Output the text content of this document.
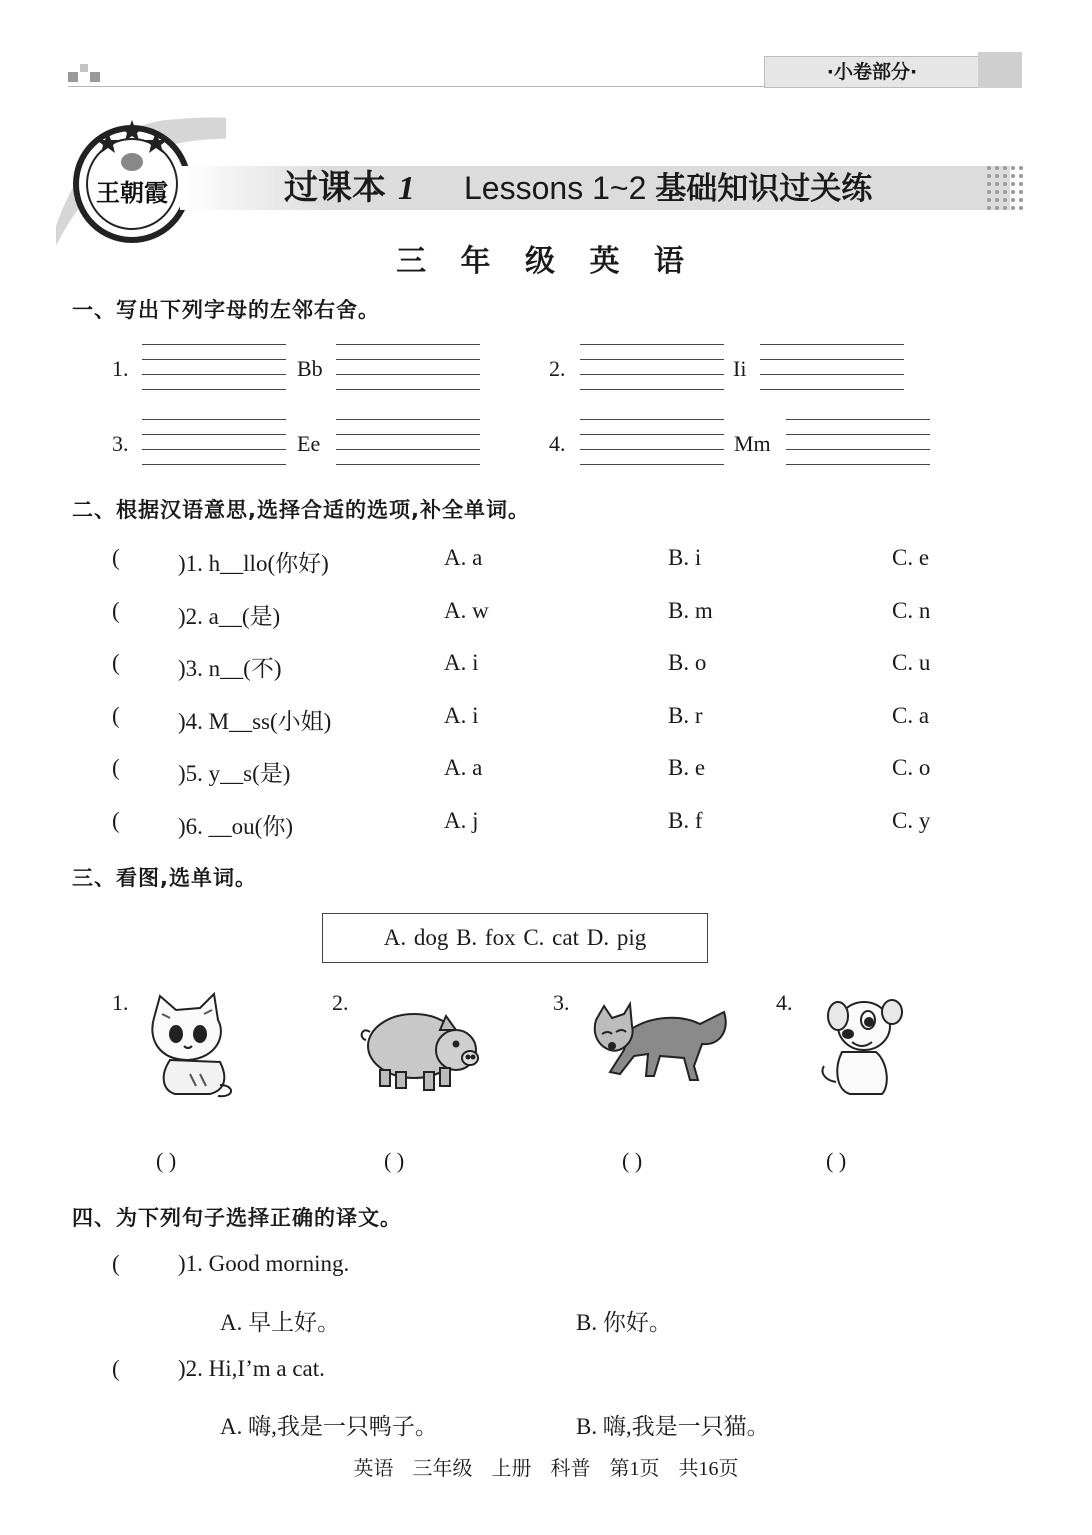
·小卷部分·
王朝霞	过课本 1 Lessons 1~2 基础知识过关练
三 年 级 英 语
一、写出下列字母的左邻右舍。
1.	Bb	2.	Ii
3.	Ee	4.	Mm
二、根据汉语意思,选择合适的选项,补全单词。
(	)1. h__llo(你好)	A. a	B. i	C. e
(	)2. a__(是)	A. w	B. m	C. n
(	)3. n__(不)	A. i	B. o	C. u
(	)4. M__ss(小姐)	A. i	B. r	C. a
(	)5. y__s(是)	A. a	B. e	C. o
(	)6. __ou(你)	A. j	B. f	C. y
三、看图,选单词。
A. dog B. fox C. cat D. pig
1.	2.	3.	4.
( )	( )	( )	( )
四、为下列句子选择正确的译文。
(	)1. Good morning.
A. 早上好。	B. 你好。
(	)2. Hi,I’m a cat.
A. 嗨,我是一只鸭子。	B. 嗨,我是一只猫。
英语 三年级 上册 科普 第1页 共16页
